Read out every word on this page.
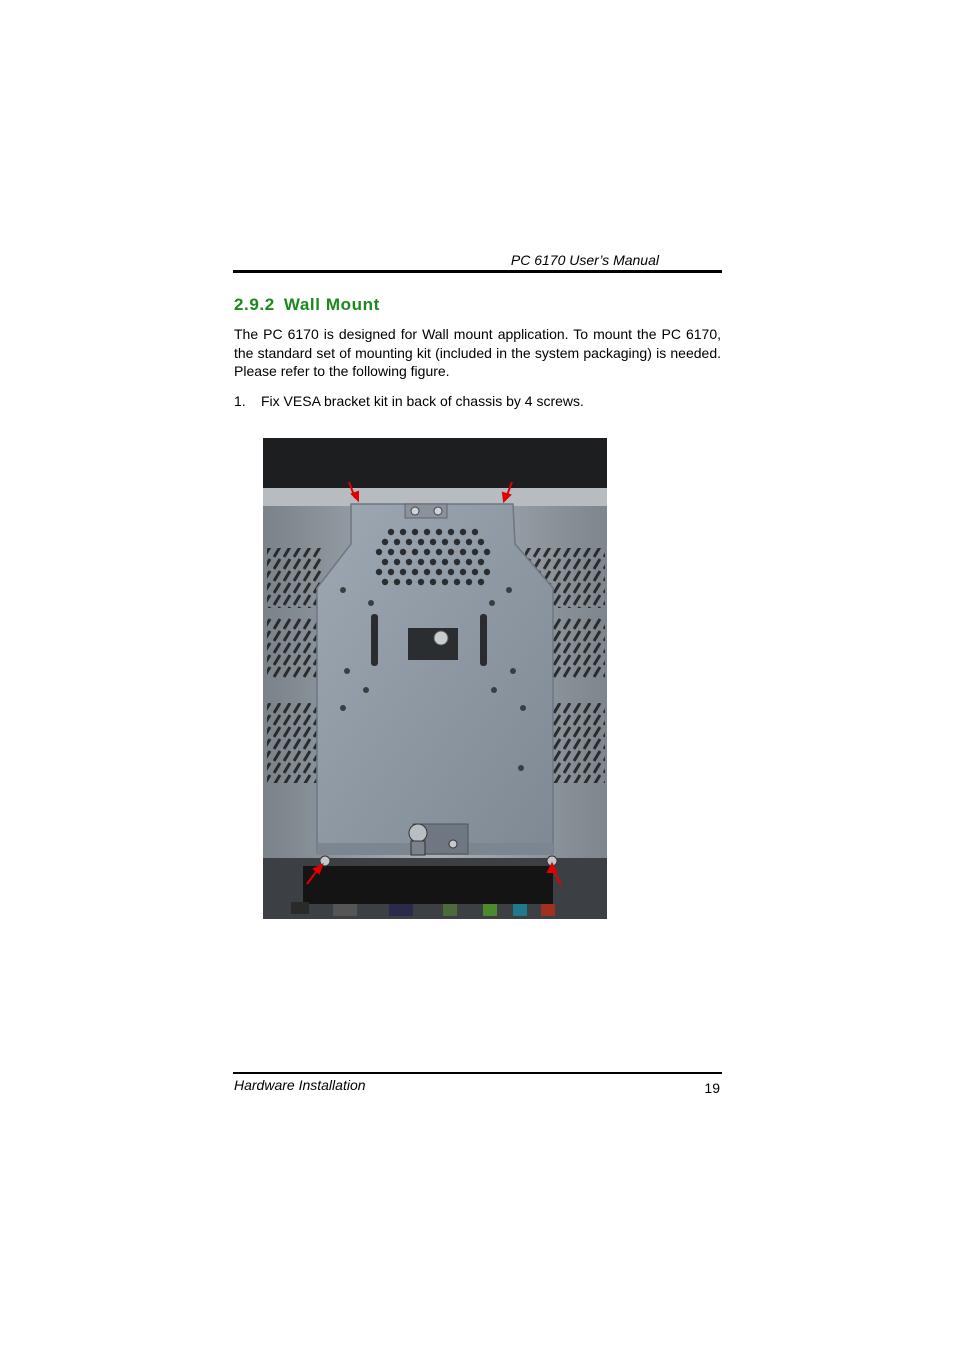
PC 6170 User’s Manual
2.9.2 Wall Mount
The PC 6170 is designed for Wall mount application. To mount the PC 6170, the standard set of mounting kit (included in the system packaging) is needed. Please refer to the following figure.
1. Fix VESA bracket kit in back of chassis by 4 screws.
Hardware Installation	19
